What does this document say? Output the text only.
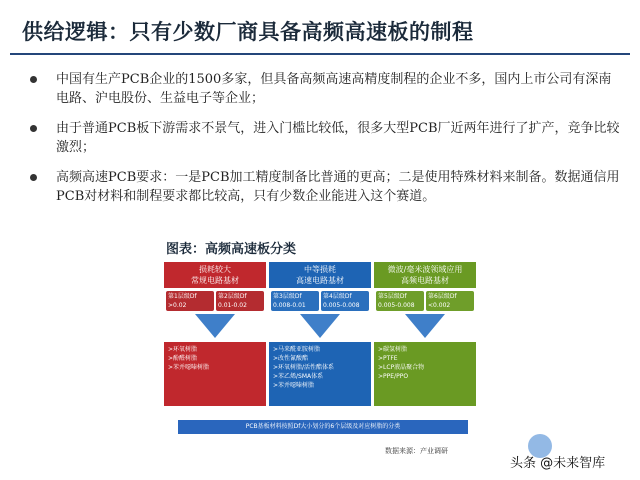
供给逻辑：只有少数厂商具备高频高速板的制程
中国有生产PCB企业的1500多家，但具备高频高速高精度制程的企业不多，国内上市公司有深南电路、沪电股份、生益电子等企业；
由于普通PCB板下游需求不景气，进入门槛比较低，很多大型PCB厂近两年进行了扩产，竞争比较激烈；
高频高速PCB要求：一是PCB加工精度制备比普通的更高；二是使用特殊材料来制备。数据通信用PCB对材料和制程要求都比较高，只有少数企业能进入这个赛道。
图表：高频高速板分类
损耗较大
常规电路基材
第1层级Df
>0.02
第2层级Df
0.01-0.02
>环氧树脂
>酚醛树脂
>苯并噁嗪树脂
中等损耗
高速电路基材
第3层级Df
0.008-0.01
第4层级Df
0.005-0.008
>马来酰亚胺树脂
>改性氰酸酯
>环氧树脂/活性酯体系
>苯乙烯/SMA体系
>苯并噁嗪树脂
微波/毫米波领域应用
高频电路基材
第5层级Df
0.005-0.008
第6层级Df
<0.002
>碳氢树脂
>PTFE
>LCP液晶聚合物
>PPE/PPO
PCB基板材料按照Df大小划分的6个层级及对应树脂的分类
数据来源：产业调研
头条 @未来智库
